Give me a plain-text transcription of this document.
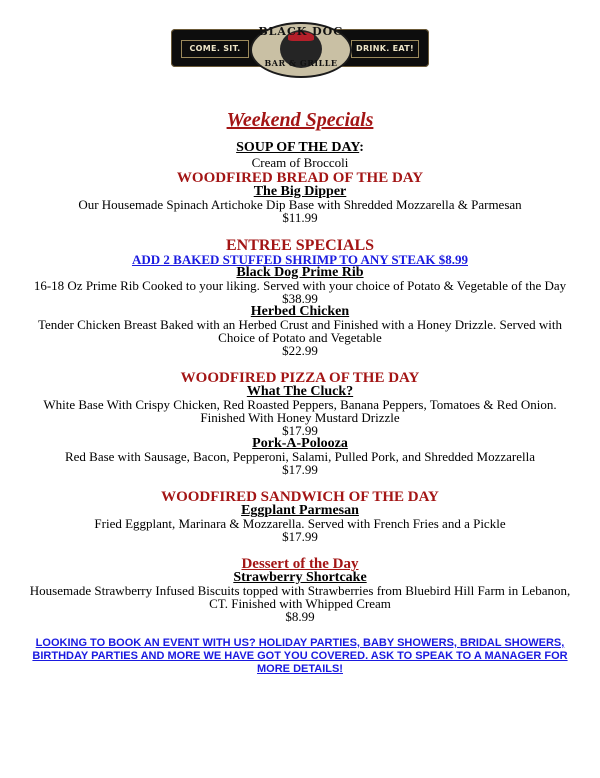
COME. SIT.	DRINK. EAT!
BLACK DOG
BAR & GRILLE
Weekend Specials
SOUP OF THE DAY:
Cream of Broccoli
WOODFIRED BREAD OF THE DAY
The Big Dipper
Our Housemade Spinach Artichoke Dip Base with Shredded Mozzarella & Parmesan
$11.99
ENTREE SPECIALS
ADD 2 BAKED STUFFED SHRIMP TO ANY STEAK $8.99
Black Dog Prime Rib
16-18 Oz Prime Rib Cooked to your liking. Served with your choice of Potato & Vegetable of the Day
$38.99
Herbed Chicken
Tender Chicken Breast Baked with an Herbed Crust and Finished with a Honey Drizzle. Served with Choice of Potato and Vegetable
$22.99
WOODFIRED PIZZA OF THE DAY
What The Cluck?
White Base With Crispy Chicken, Red Roasted Peppers, Banana Peppers, Tomatoes & Red Onion. Finished With Honey Mustard Drizzle
$17.99
Pork-A-Polooza
Red Base with Sausage, Bacon, Pepperoni, Salami, Pulled Pork, and Shredded Mozzarella
$17.99
WOODFIRED SANDWICH OF THE DAY
Eggplant Parmesan
Fried Eggplant, Marinara & Mozzarella. Served with French Fries and a Pickle
$17.99
Dessert of the Day
Strawberry Shortcake
Housemade Strawberry Infused Biscuits topped with Strawberries from Bluebird Hill Farm in Lebanon, CT. Finished with Whipped Cream
$8.99
LOOKING TO BOOK AN EVENT WITH US? HOLIDAY PARTIES, BABY SHOWERS, BRIDAL SHOWERS, BIRTHDAY PARTIES AND MORE WE HAVE GOT YOU COVERED. ASK TO SPEAK TO A MANAGER FOR MORE DETAILS!
